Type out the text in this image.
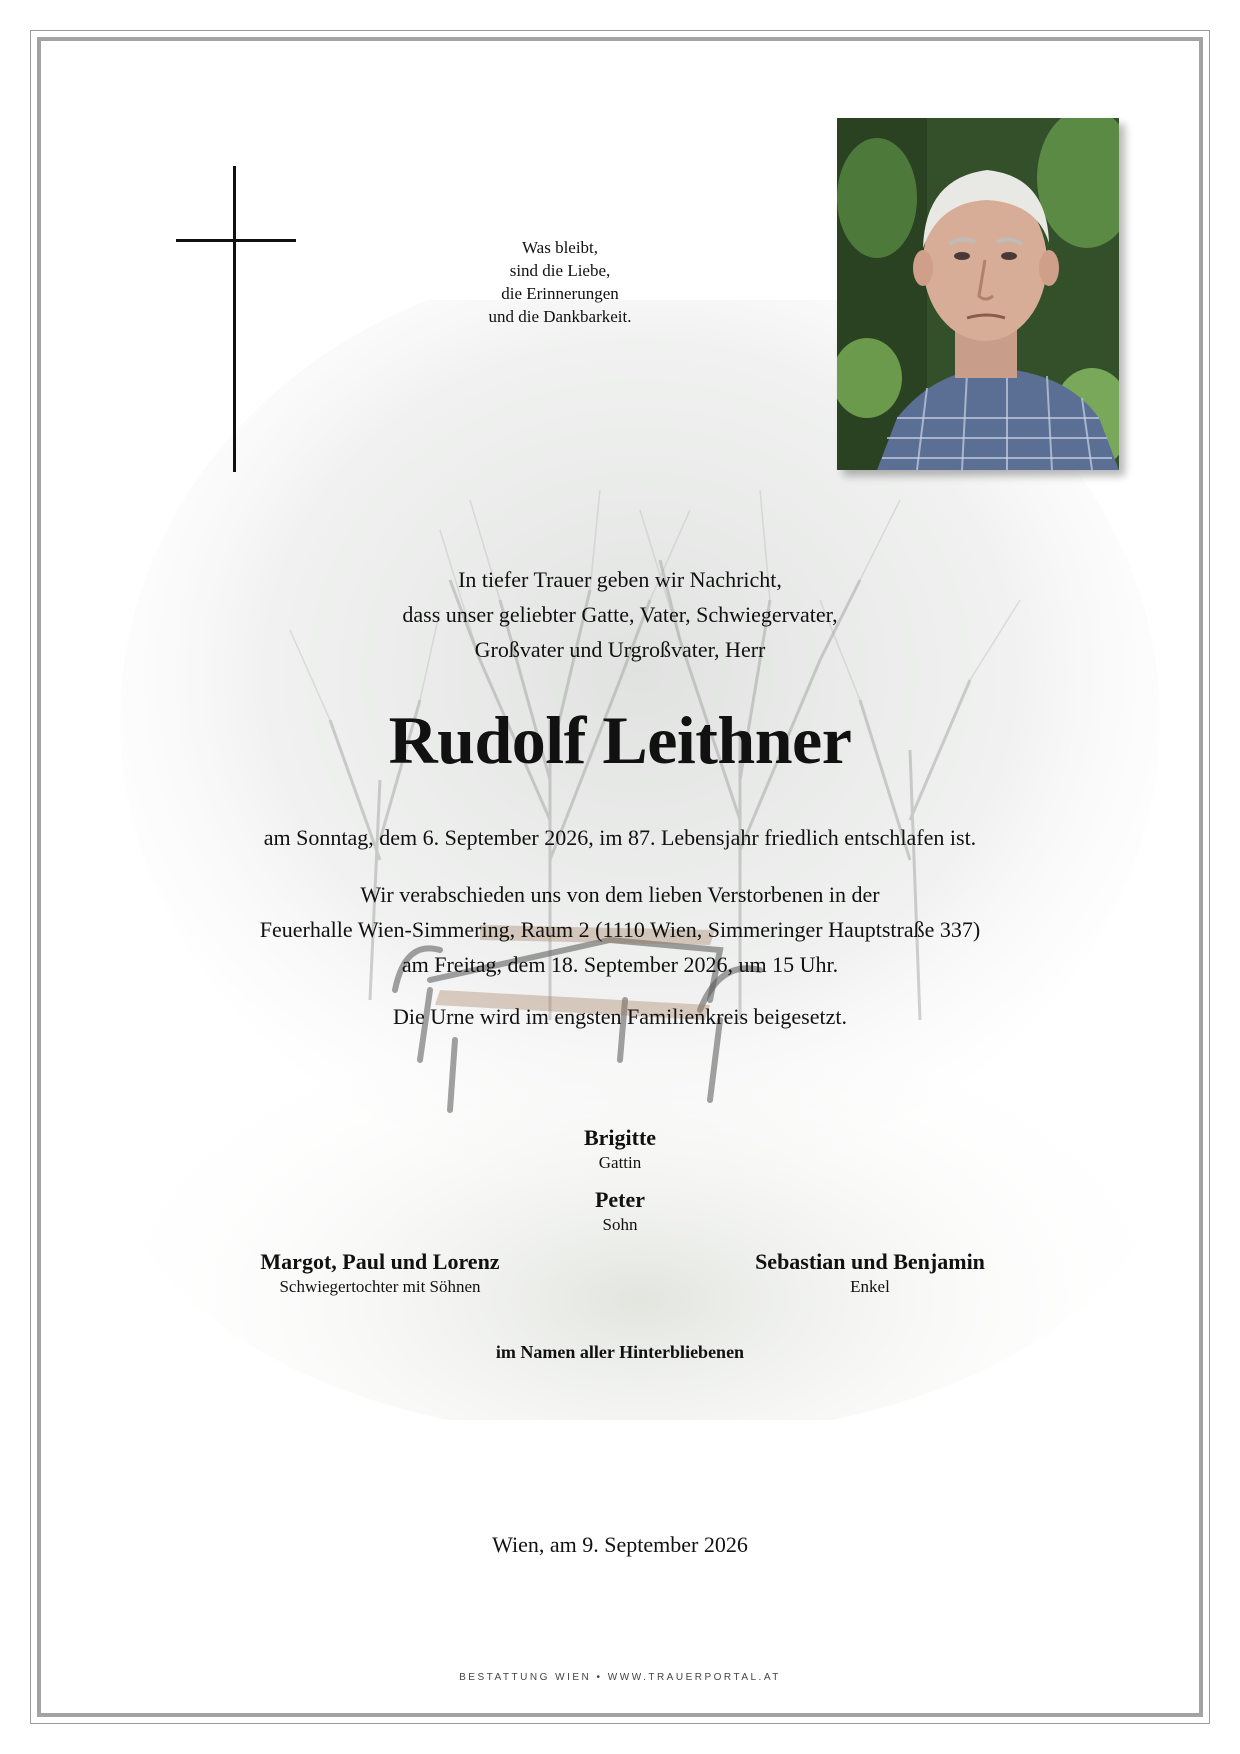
Was bleibt,
sind die Liebe,
die Erinnerungen
und die Dankbarkeit.
In tiefer Trauer geben wir Nachricht,
dass unser geliebter Gatte, Vater, Schwiegervater,
Großvater und Urgroßvater, Herr
Rudolf Leithner
am Sonntag, dem 6. September 2026, im 87. Lebensjahr friedlich entschlafen ist.
Wir verabschieden uns von dem lieben Verstorbenen in der
Feuerhalle Wien-Simmering, Raum 2 (1110 Wien, Simmeringer Hauptstraße 337)
am Freitag, dem 18. September 2026, um 15 Uhr.
Die Urne wird im engsten Familienkreis beigesetzt.
Brigitte
Gattin
Peter
Sohn
Margot, Paul und Lorenz
Schwiegertochter mit Söhnen
Sebastian und Benjamin
Enkel
im Namen aller Hinterbliebenen
Wien, am 9. September 2026
BESTATTUNG WIEN • WWW.TRAUERPORTAL.AT
